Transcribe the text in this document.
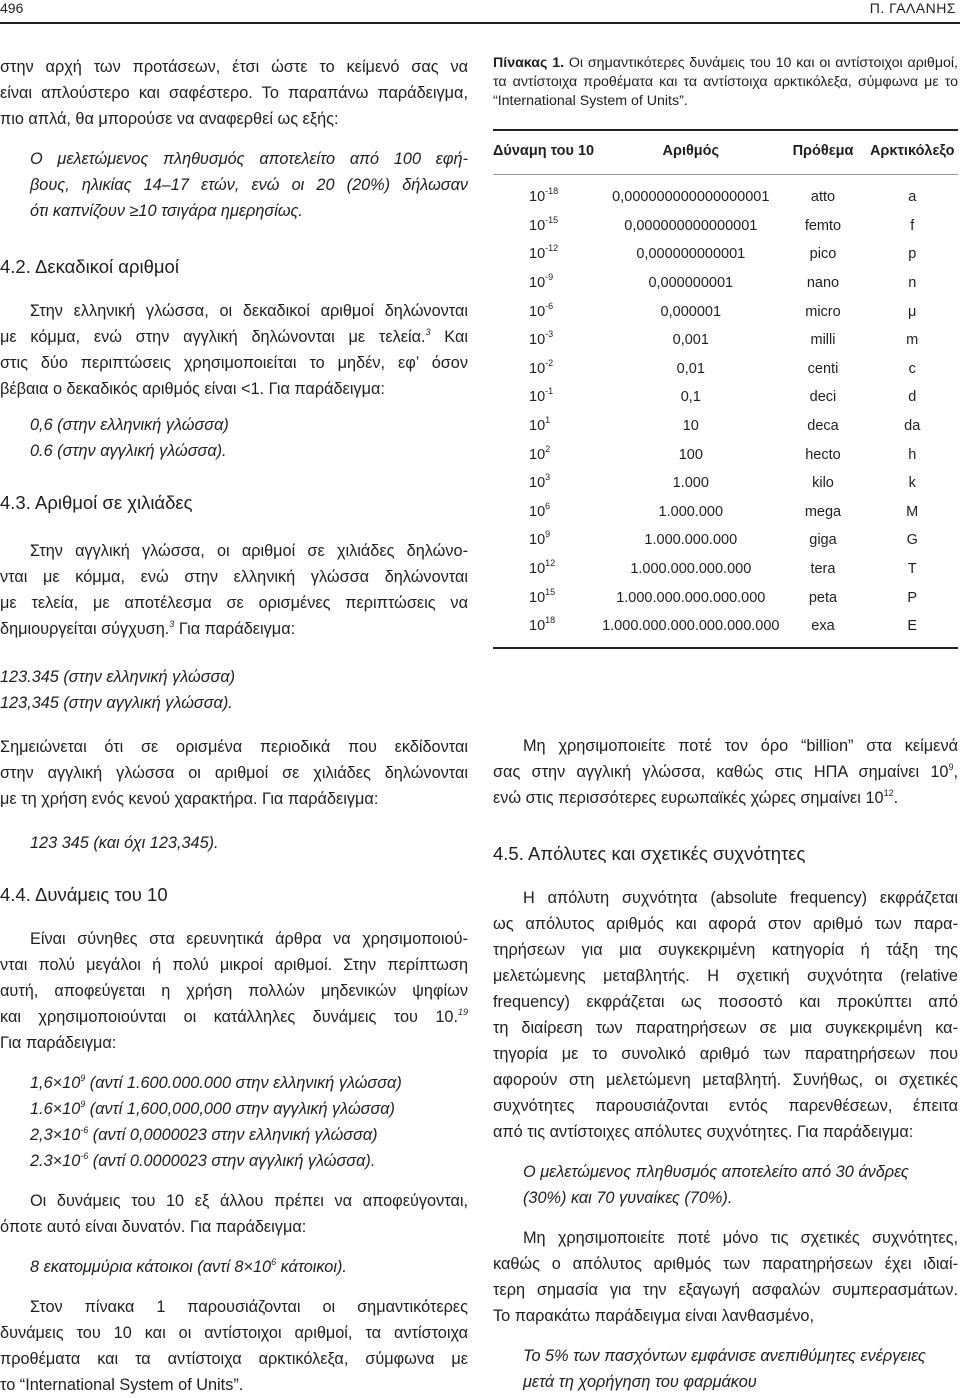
496	Π. ΓΑΛΑΝΗΣ

στην αρχή των προτάσεων, έτσι ώστε το κείμενό σας να

είναι απλούστερο και σαφέστερο. Το παραπάνω παράδειγμα,

πιο απλά, θα μπορούσε να αναφερθεί ως εξής:

Ο μελετώμενος πληθυσμός αποτελείτο από 100 εφή-

βους, ηλικίας 14‒17 ετών, ενώ οι 20 (20%) δήλωσαν

ότι καπνίζουν ≥10 τσιγάρα ημερησίως.

4.2. Δεκαδικοί αριθμοί

Στην ελληνική γλώσσα, οι δεκαδικοί αριθμοί δηλώνονται

με κόμμα, ενώ στην αγγλική δηλώνονται με τελεία.$^3$ Και

στις δύο περιπτώσεις χρησιμοποιείται το μηδέν, εφ’ όσον

βέβαια ο δεκαδικός αριθμός είναι <1. Για παράδειγμα:

0,6 (στην ελληνική γλώσσα)

0.6 (στην αγγλική γλώσσα).

4.3. Αριθμοί σε χιλιάδες

Στην αγγλική γλώσσα, οι αριθμοί σε χιλιάδες δηλώνο-

νται με κόμμα, ενώ στην ελληνική γλώσσα δηλώνονται

με τελεία, με αποτέλεσμα σε ορισμένες περιπτώσεις να

δημιουργείται σύγχυση.$^3$ Για παράδειγμα:

123.345 (στην ελληνική γλώσσα)

123,345 (στην αγγλική γλώσσα).

Σημειώνεται ότι σε ορισμένα περιοδικά που εκδίδονται

στην αγγλική γλώσσα οι αριθμοί σε χιλιάδες δηλώνονται

με τη χρήση ενός κενού χαρακτήρα. Για παράδειγμα:

123 345 (και όχι 123,345).

4.4. Δυνάμεις του 10

Είναι σύνηθες στα ερευνητικά άρθρα να χρησιμοποιού-

νται πολύ μεγάλοι ή πολύ μικροί αριθμοί. Στην περίπτωση

αυτή, αποφεύγεται η χρήση πολλών μηδενικών ψηφίων

και χρησιμοποιούνται οι κατάλληλες δυνάμεις του 10.19

Για παράδειγμα:

$1,6\times 10^9$ (αντί 1.600.000.000 στην ελληνική γλώσσα)

$1.6\times 10^9$ (αντί 1,600,000,000 στην αγγλική γλώσσα)

$2,3\times 10^{-6}$ (αντί 0,0000023 στην ελληνική γλώσσα)

$2.3\times 10^{-6}$ (αντί 0.0000023 στην αγγλική γλώσσα).

Οι δυνάμεις του 10 εξ άλλου πρέπει να αποφεύγονται,

όποτε αυτό είναι δυνατόν. Για παράδειγμα:

8 εκατομμύρια κάτοικοι (αντί $8\times 10^6$ κάτοικοι).

Στον πίνακα 1 παρουσιάζονται οι σημαντικότερες

δυνάμεις του 10 και οι αντίστοιχοι αριθμοί, τα αντίστοιχα

προθέματα και τα αντίστοιχα αρκτικόλεξα, σύμφωνα με

το “International System of Units”.

Πίνακας 1. Οι σημαντικότερες δυνάμεις του 10 και οι αντίστοιχοι αριθμοί, τα αντίστοιχα προθέματα και τα αντίστοιχα αρκτικόλεξα, σύμφωνα με το “International System of Units”.

Δύναμη του 10	Αριθμός	Πρόθεμα	Αρκτικόλεξο
$10^{-18}$	0,000000000000000001	atto	a
$10^{-15}$	0,000000000000001	femto	f
$10^{-12}$	0,000000000001	pico	p
$10^{-9}$	0,000000001	nano	n
$10^{-6}$	0,000001	micro	μ
$10^{-3}$	0,001	milli	m
$10^{-2}$	0,01	centi	c
$10^{-1}$	0,1	deci	d
$10^1$	10	deca	da
$10^2$	100	hecto	h
$10^3$	1.000	kilo	k
$10^6$	1.000.000	mega	M
$10^9$	1.000.000.000	giga	G
$10^{12}$	1.000.000.000.000	tera	T
$10^{15}$	1.000.000.000.000.000	peta	P
$10^{18}$	1.000.000.000.000.000.000	exa	E

Μη χρησιμοποιείτε ποτέ τον όρο “billion” στα κείμενά

σας στην αγγλική γλώσσα, καθώς στις ΗΠΑ σημαίνει $10^9$,

ενώ στις περισσότερες ευρωπαϊκές χώρες σημαίνει $10^{12}$.

4.5. Απόλυτες και σχετικές συχνότητες

Η απόλυτη συχνότητα (absolute frequency) εκφράζεται

ως απόλυτος αριθμός και αφορά στον αριθμό των παρα-

τηρήσεων για μια συγκεκριμένη κατηγορία ή τάξη της

μελετώμενης μεταβλητής. Η σχετική συχνότητα (relative

frequency) εκφράζεται ως ποσοστό και προκύπτει από

τη διαίρεση των παρατηρήσεων σε μια συγκεκριμένη κα-

τηγορία με το συνολικό αριθμό των παρατηρήσεων που

αφορούν στη μελετώμενη μεταβλητή. Συνήθως, οι σχετικές

συχνότητες παρουσιάζονται εντός παρενθέσεων, έπειτα

από τις αντίστοιχες απόλυτες συχνότητες. Για παράδειγμα:

Ο μελετώμενος πληθυσμός αποτελείτο από 30 άνδρες

(30%) και 70 γυναίκες (70%).

Μη χρησιμοποιείτε ποτέ μόνο τις σχετικές συχνότητες,

καθώς ο απόλυτος αριθμός των παρατηρήσεων έχει ιδιαί-

τερη σημασία για την εξαγωγή ασφαλών συμπερασμάτων.

Το παρακάτω παράδειγμα είναι λανθασμένο,

Το 5% των πασχόντων εμφάνισε ανεπιθύμητες ενέργειες

μετά τη χορήγηση του φαρμάκου
